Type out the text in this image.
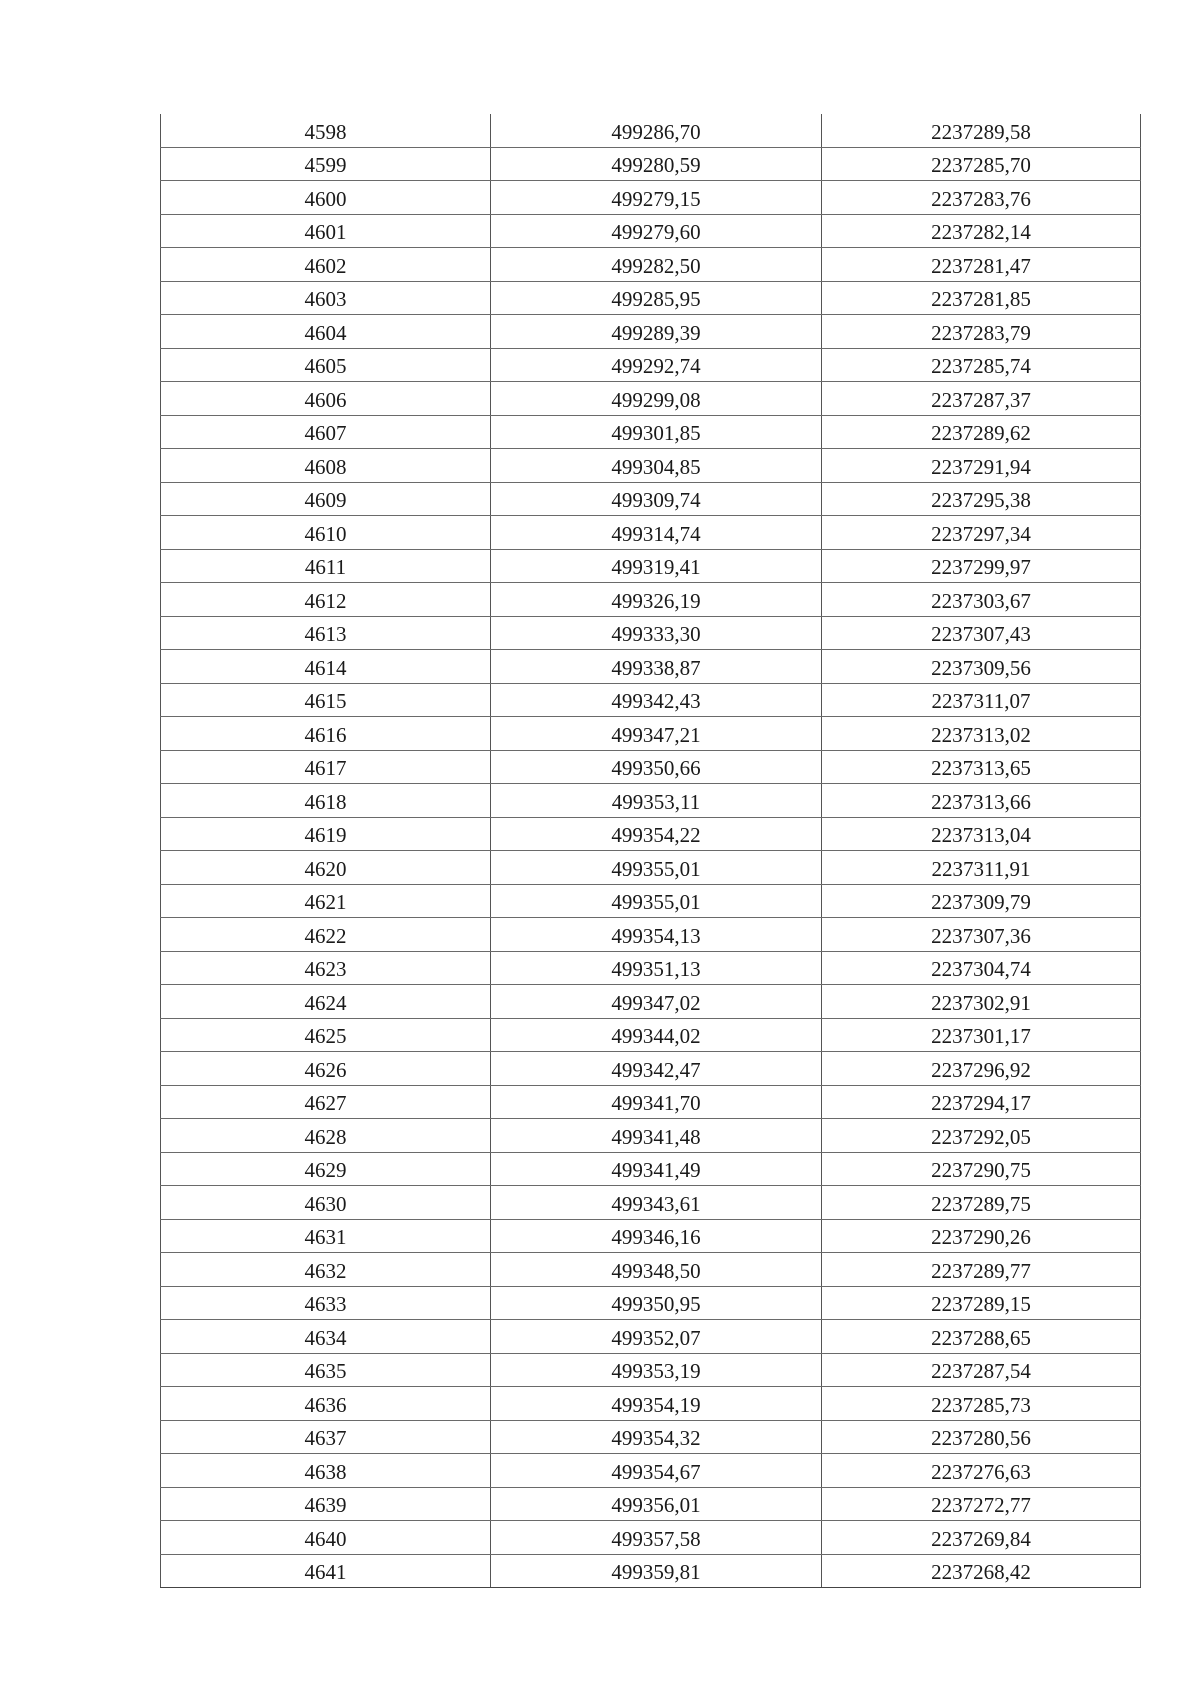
4598	499286,70	2237289,58
4599	499280,59	2237285,70
4600	499279,15	2237283,76
4601	499279,60	2237282,14
4602	499282,50	2237281,47
4603	499285,95	2237281,85
4604	499289,39	2237283,79
4605	499292,74	2237285,74
4606	499299,08	2237287,37
4607	499301,85	2237289,62
4608	499304,85	2237291,94
4609	499309,74	2237295,38
4610	499314,74	2237297,34
4611	499319,41	2237299,97
4612	499326,19	2237303,67
4613	499333,30	2237307,43
4614	499338,87	2237309,56
4615	499342,43	2237311,07
4616	499347,21	2237313,02
4617	499350,66	2237313,65
4618	499353,11	2237313,66
4619	499354,22	2237313,04
4620	499355,01	2237311,91
4621	499355,01	2237309,79
4622	499354,13	2237307,36
4623	499351,13	2237304,74
4624	499347,02	2237302,91
4625	499344,02	2237301,17
4626	499342,47	2237296,92
4627	499341,70	2237294,17
4628	499341,48	2237292,05
4629	499341,49	2237290,75
4630	499343,61	2237289,75
4631	499346,16	2237290,26
4632	499348,50	2237289,77
4633	499350,95	2237289,15
4634	499352,07	2237288,65
4635	499353,19	2237287,54
4636	499354,19	2237285,73
4637	499354,32	2237280,56
4638	499354,67	2237276,63
4639	499356,01	2237272,77
4640	499357,58	2237269,84
4641	499359,81	2237268,42
